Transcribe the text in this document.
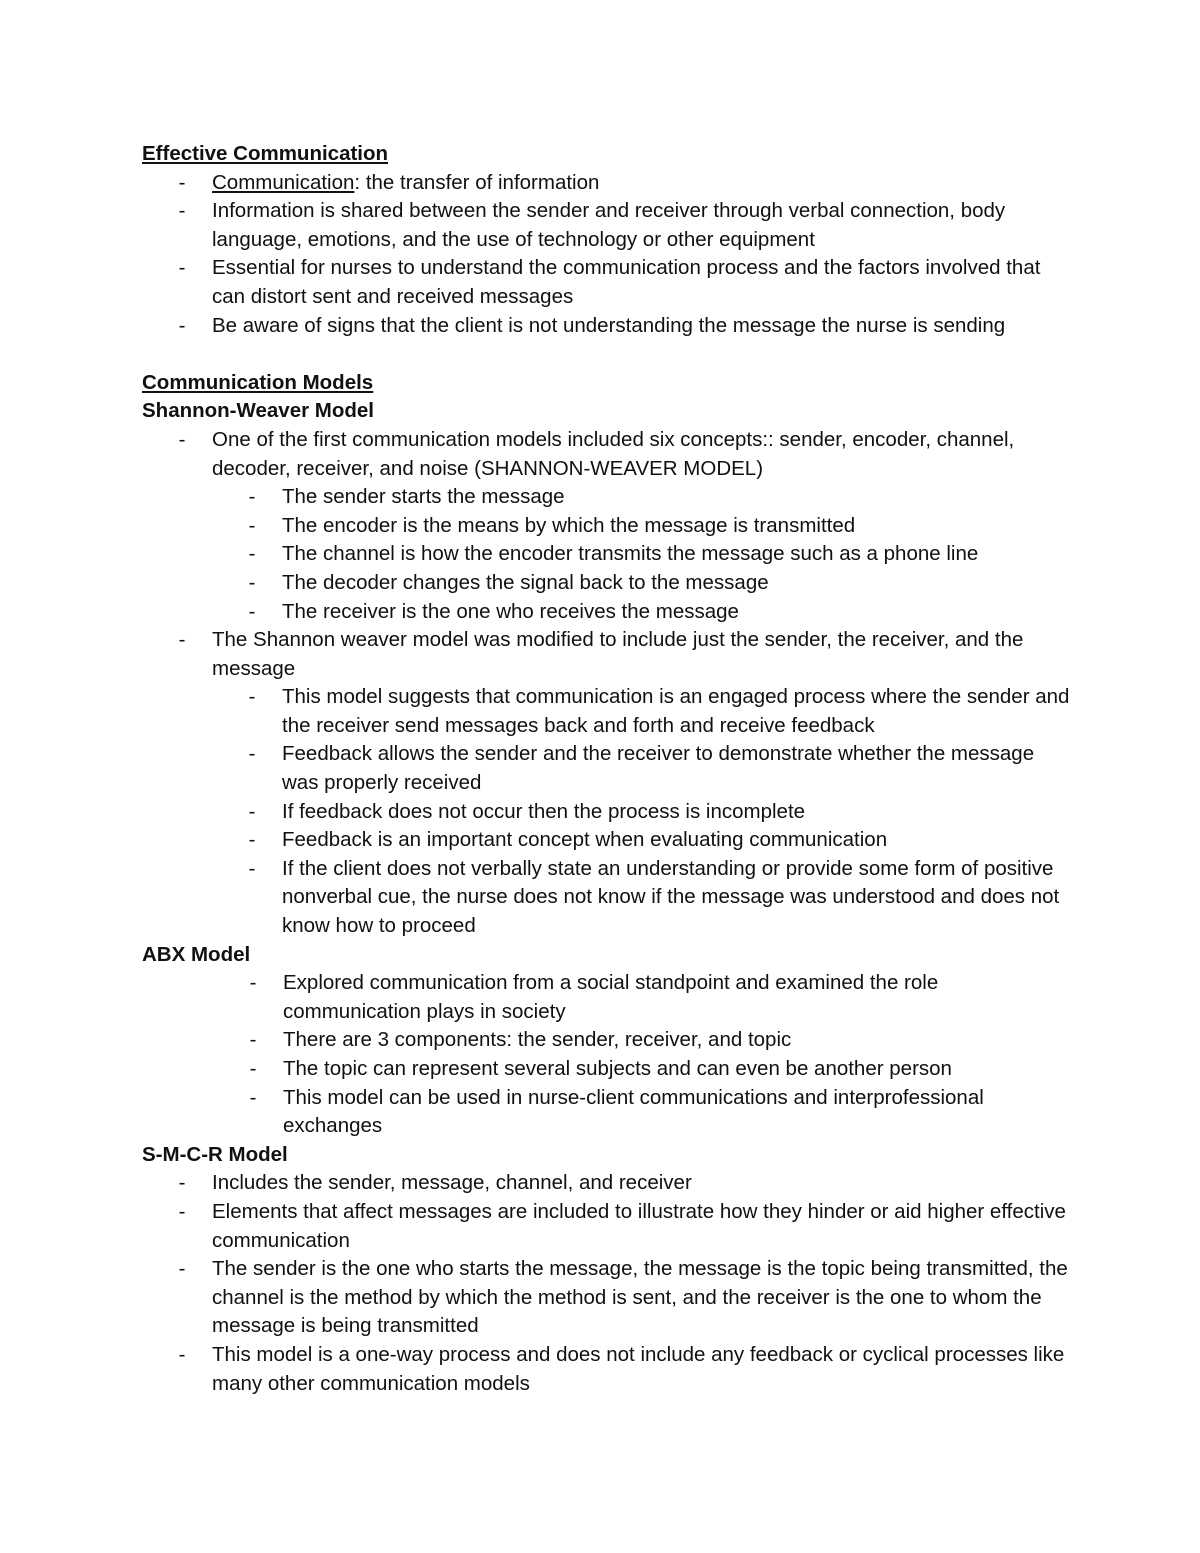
Effective Communication

- Communication: the transfer of information
- Information is shared between the sender and receiver through verbal connection, body language, emotions, and the use of technology or other equipment
- Essential for nurses to understand the communication process and the factors involved that can distort sent and received messages
- Be aware of signs that the client is not understanding the message the nurse is sending

Communication Models

Shannon-Weaver Model

- One of the first communication models included six concepts:: sender, encoder, channel, decoder, receiver, and noise (SHANNON-WEAVER MODEL)
- The sender starts the message
- The encoder is the means by which the message is transmitted
- The channel is how the encoder transmits the message such as a phone line
- The decoder changes the signal back to the message
- The receiver is the one who receives the message
- The Shannon weaver model was modified to include just the sender, the receiver, and the message
- This model suggests that communication is an engaged process where the sender and the receiver send messages back and forth and receive feedback
- Feedback allows the sender and the receiver to demonstrate whether the message was properly received
- If feedback does not occur then the process is incomplete
- Feedback is an important concept when evaluating communication
- If the client does not verbally state an understanding or provide some form of positive nonverbal cue, the nurse does not know if the message was understood and does not know how to proceed

ABX Model

- Explored communication from a social standpoint and examined the role communication plays in society
- There are 3 components: the sender, receiver, and topic
- The topic can represent several subjects and can even be another person
- This model can be used in nurse-client communications and interprofessional exchanges

S-M-C-R Model

- Includes the sender, message, channel, and receiver
- Elements that affect messages are included to illustrate how they hinder or aid higher effective communication
- The sender is the one who starts the message, the message is the topic being transmitted, the channel is the method by which the method is sent, and the receiver is the one to whom the message is being transmitted
- This model is a one-way process and does not include any feedback or cyclical processes like many other communication models
